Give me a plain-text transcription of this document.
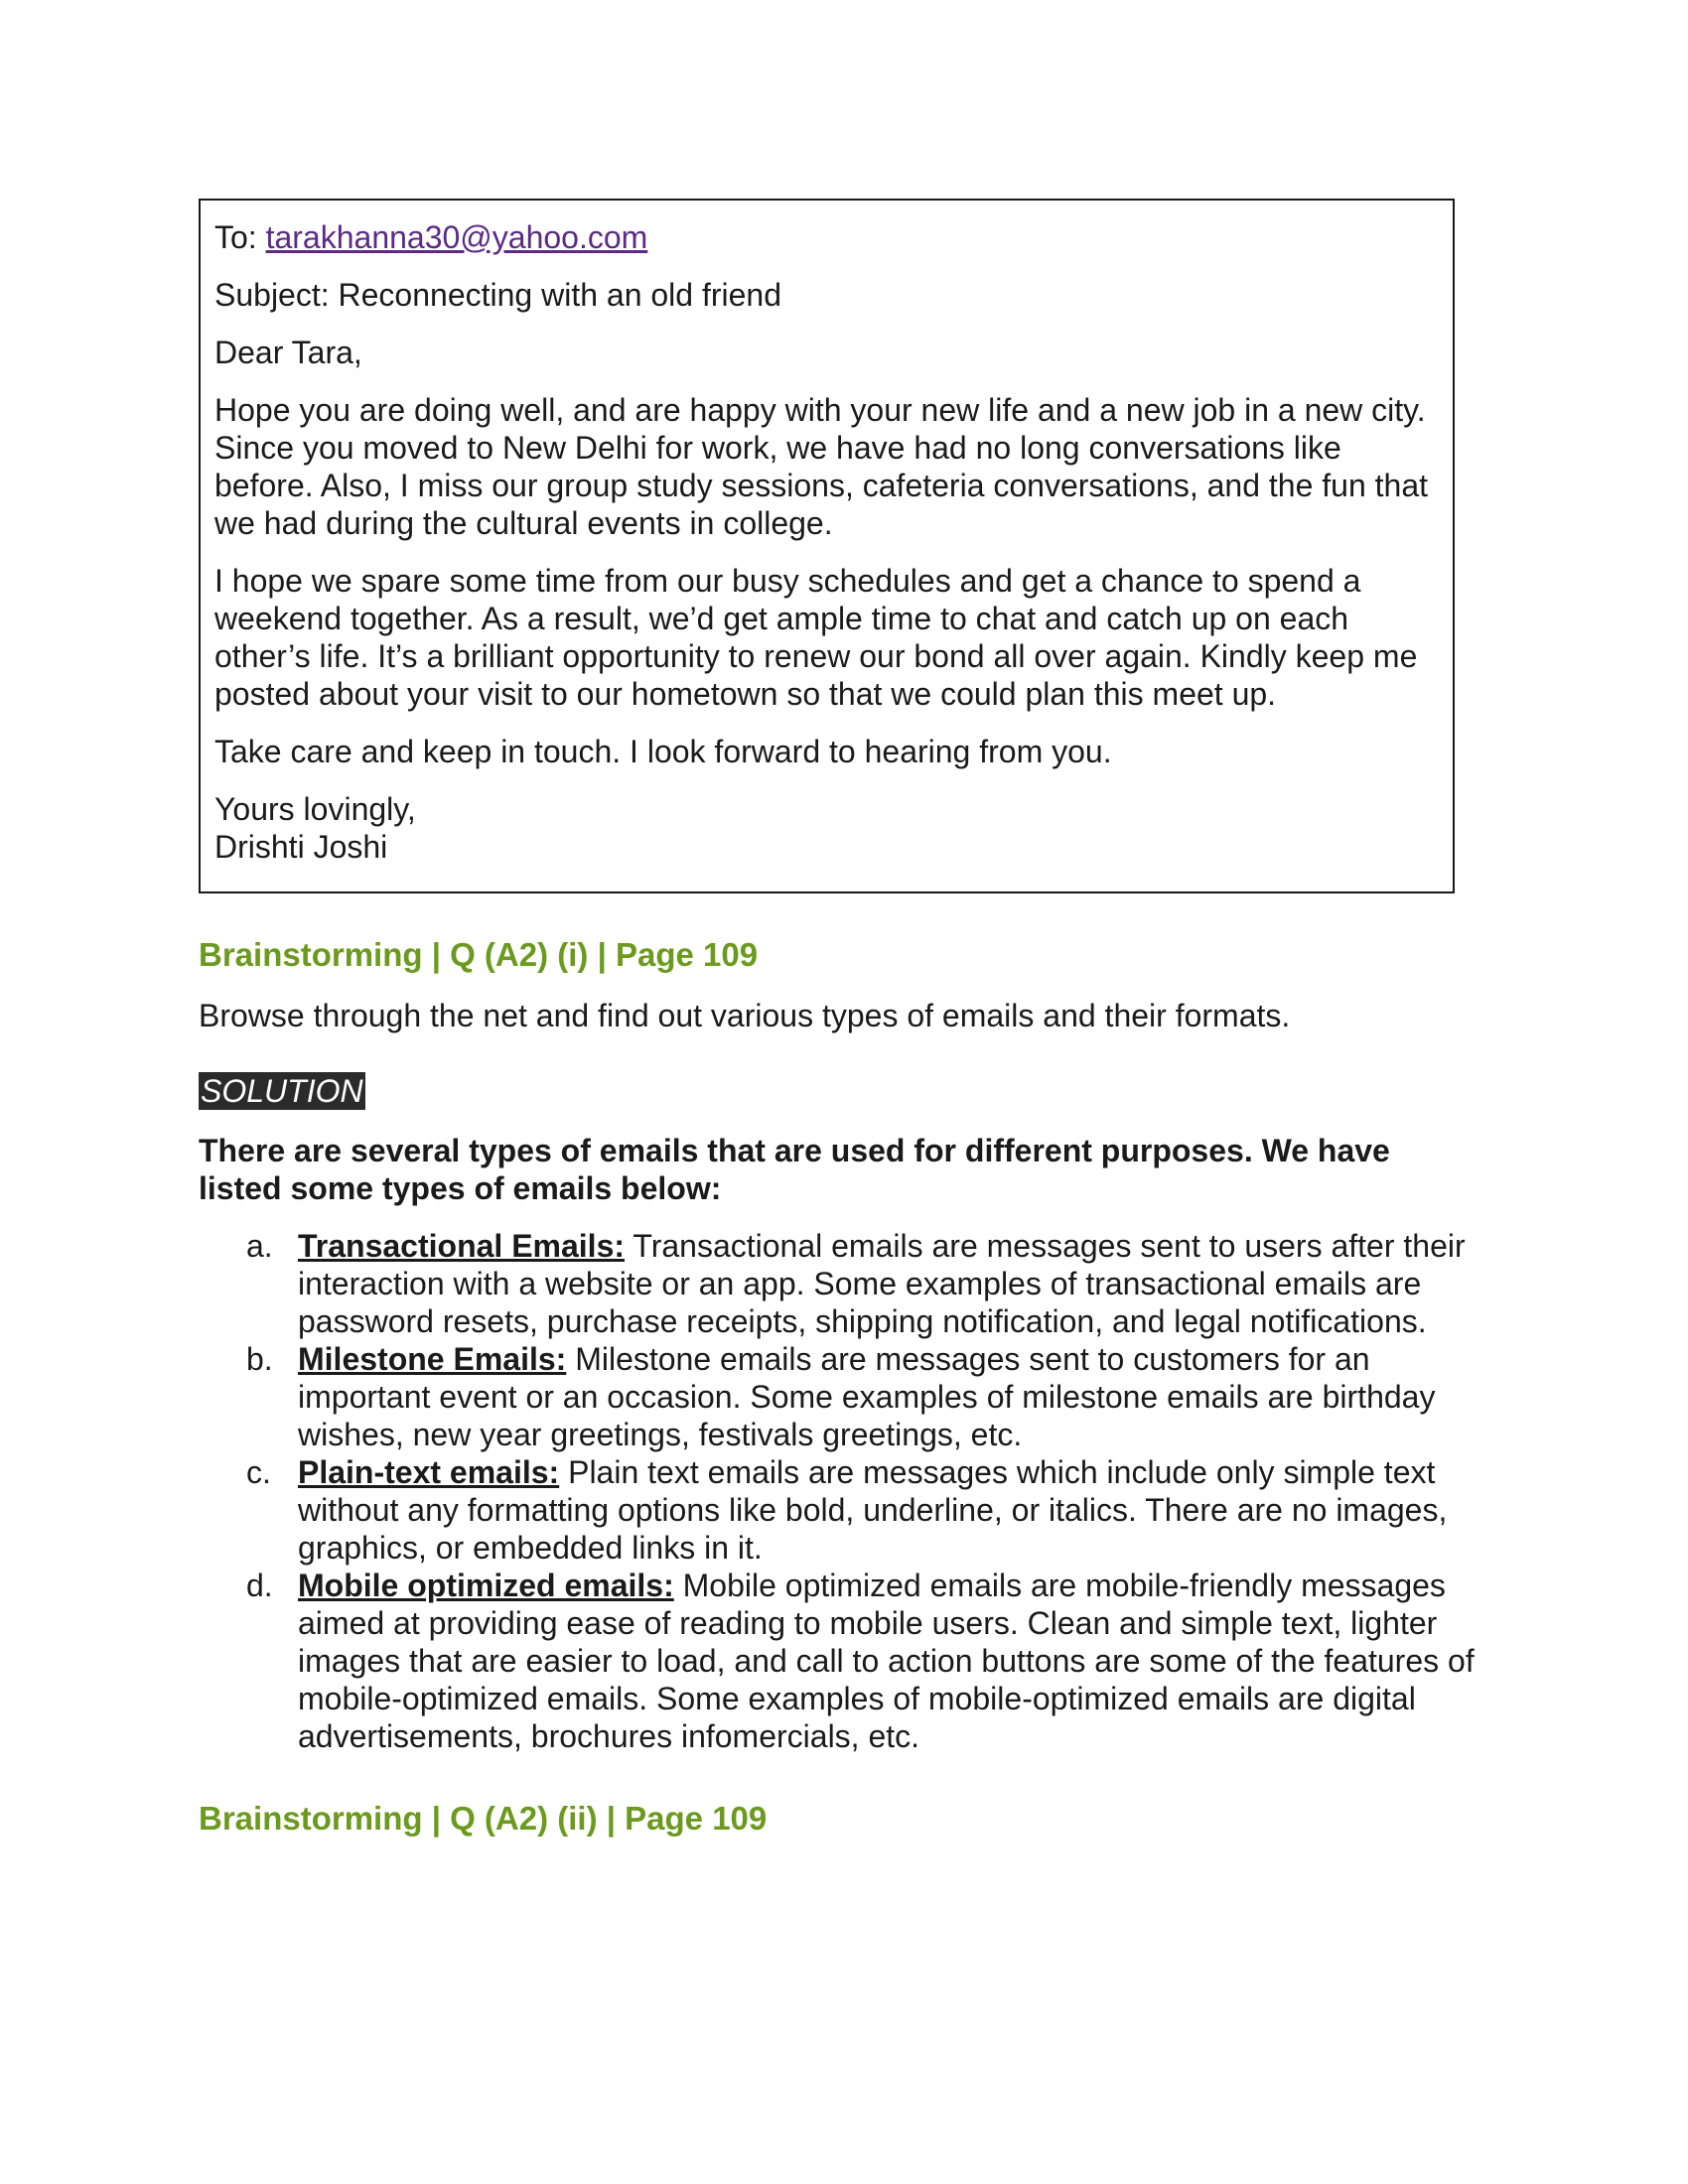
To: tarakhanna30@yahoo.com

Subject: Reconnecting with an old friend

Dear Tara,

Hope you are doing well, and are happy with your new life and a new job in a new city. Since you moved to New Delhi for work, we have had no long conversations like before. Also, I miss our group study sessions, cafeteria conversations, and the fun that we had during the cultural events in college.

I hope we spare some time from our busy schedules and get a chance to spend a weekend together. As a result, we’d get ample time to chat and catch up on each other’s life. It’s a brilliant opportunity to renew our bond all over again. Kindly keep me posted about your visit to our hometown so that we could plan this meet up.

Take care and keep in touch. I look forward to hearing from you.

Yours lovingly,
Drishti Joshi

Brainstorming | Q (A2) (i) | Page 109

Browse through the net and find out various types of emails and their formats.

SOLUTION

There are several types of emails that are used for different purposes. We have listed some types of emails below:

a. Transactional Emails: Transactional emails are messages sent to users after their interaction with a website or an app. Some examples of transactional emails are password resets, purchase receipts, shipping notification, and legal notifications.
b. Milestone Emails: Milestone emails are messages sent to customers for an important event or an occasion. Some examples of milestone emails are birthday wishes, new year greetings, festivals greetings, etc.
c. Plain-text emails: Plain text emails are messages which include only simple text without any formatting options like bold, underline, or italics. There are no images, graphics, or embedded links in it.
d. Mobile optimized emails: Mobile optimized emails are mobile-friendly messages aimed at providing ease of reading to mobile users. Clean and simple text, lighter images that are easier to load, and call to action buttons are some of the features of mobile-optimized emails. Some examples of mobile-optimized emails are digital advertisements, brochures infomercials, etc.
Brainstorming | Q (A2) (ii) | Page 109
